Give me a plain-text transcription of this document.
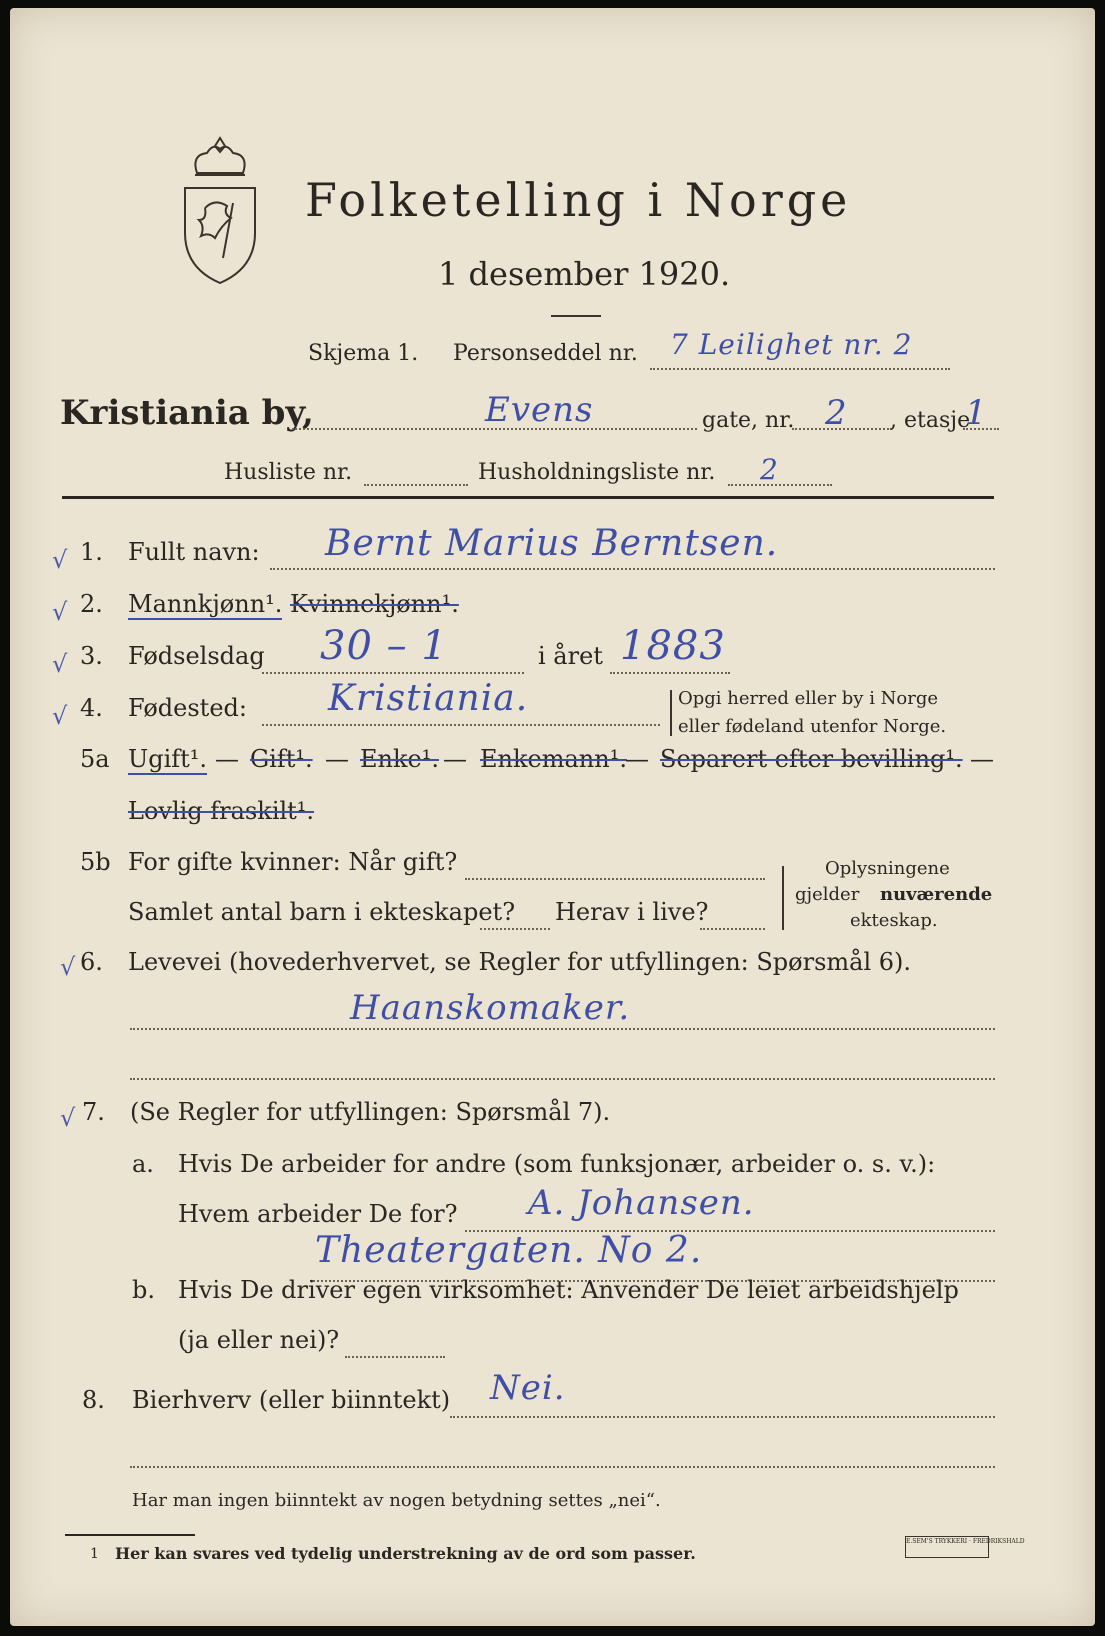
Folketelling i Norge
1 desember 1920.
Skjema 1. Personseddel nr. 7 Leilighet nr. 2
Kristiania by,	Evens	gate, nr. 2 , etasje
1
Husliste nr.	Husholdningsliste nr. 2
√ 1. Fullt navn: Bernt Marius Berntsen.
√ 2. Mannkjønn¹. Kvinnekjønn¹.
√ 3. Fødselsdag 30 – 1	i året 1883
√ 4. Fødested: Kristiania.	Opgi herred eller by i Norge
eller fødeland utenfor Norge.
5a Ugift¹. — Gift¹. — Enke¹. — Enkemann¹.
— Separert efter bevilling¹. —
Lovlig fraskilt¹.
5b For gifte kvinner: Når gift?
Samlet antal barn i ekteskapet? Herav i live?
Oplysningene
gjelder nuværende
ekteskap.
√ 6. Levevei (hovederhvervet, se Regler for utfyllingen: Spørsmål 6).
Haanskomaker.
√ 7. (Se Regler for utfyllingen: Spørsmål 7).
a. Hvis De arbeider for andre (som funksjonær, arbeider o. s. v.):
Hvem arbeider De for? A. Johansen.
Theatergaten. No 2.
b. Hvis De driver egen virksomhet: Anvender De leiet arbeidshjelp
(ja eller nei)?
8. Bierhverv (eller biinntekt) Nei.
Har man ingen biinntekt av nogen betydning settes „nei“.
1 Her kan svares ved tydelig understrekning av de ord som passer.
E.SEM'S TRYKKERI · FREDRIKSHALD
